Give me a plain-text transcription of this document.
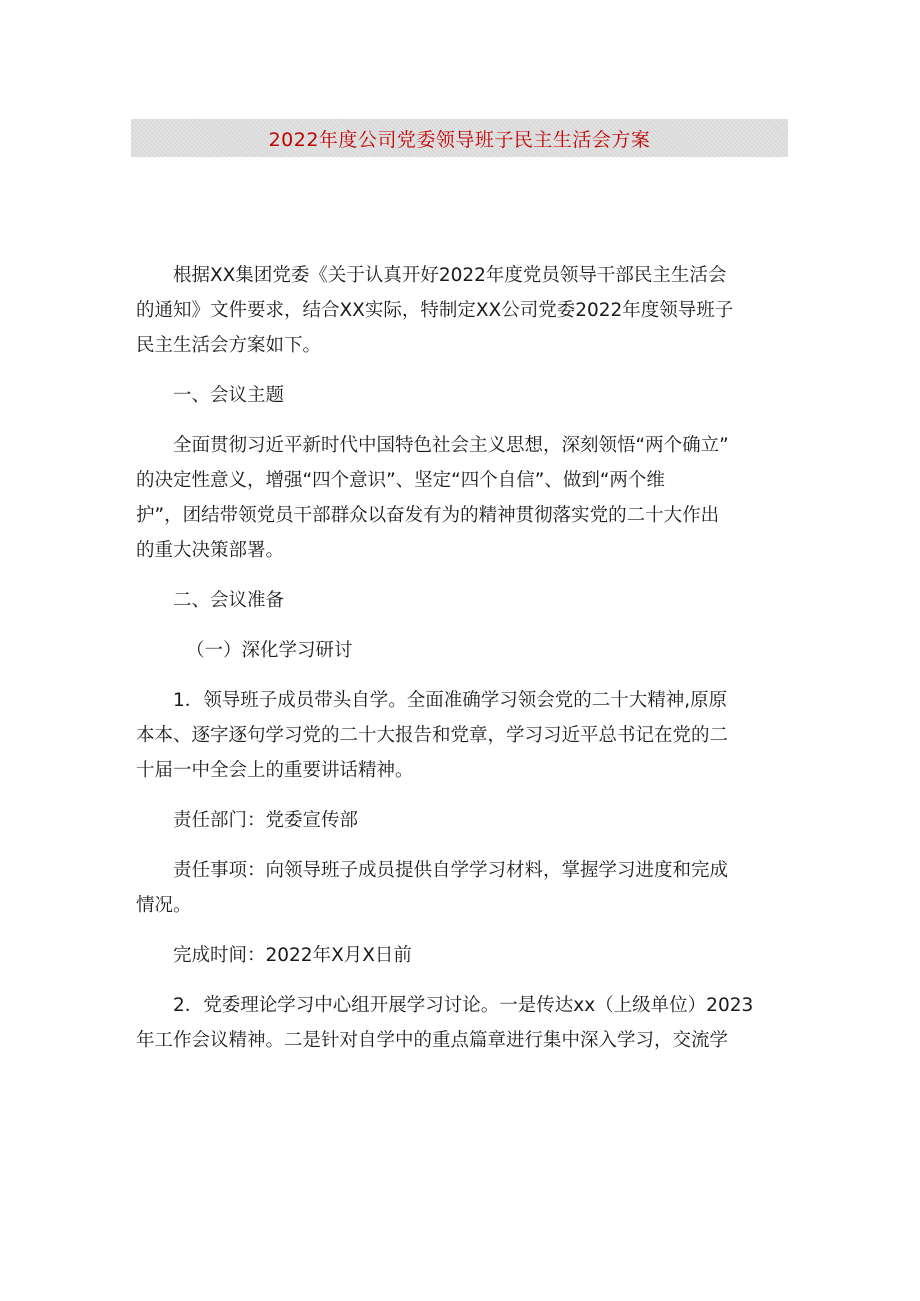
2022年度公司党委领导班子民主生活会方案
根据XX集团党委《关于认真开好2022年度党员领导干部民主生活会
的通知》文件要求，结合XX实际，特制定XX公司党委2022年度领导班子
民主生活会方案如下。
一、会议主题
全面贯彻习近平新时代中国特色社会主义思想，深刻领悟“两个确立”
的决定性意义，增强“四个意识”、坚定“四个自信”、做到“两个维
护”，团结带领党员干部群众以奋发有为的精神贯彻落实党的二十大作出
的重大决策部署。
二、会议准备
（一）深化学习研讨
1．领导班子成员带头自学。全面准确学习领会党的二十大精神,原原
本本、逐字逐句学习党的二十大报告和党章，学习习近平总书记在党的二
十届一中全会上的重要讲话精神。
责任部门：党委宣传部
责任事项：向领导班子成员提供自学学习材料，掌握学习进度和完成
情况。
完成时间：2022年X月X日前
2．党委理论学习中心组开展学习讨论。一是传达xx（上级单位）2023
年工作会议精神。二是针对自学中的重点篇章进行集中深入学习，交流学
